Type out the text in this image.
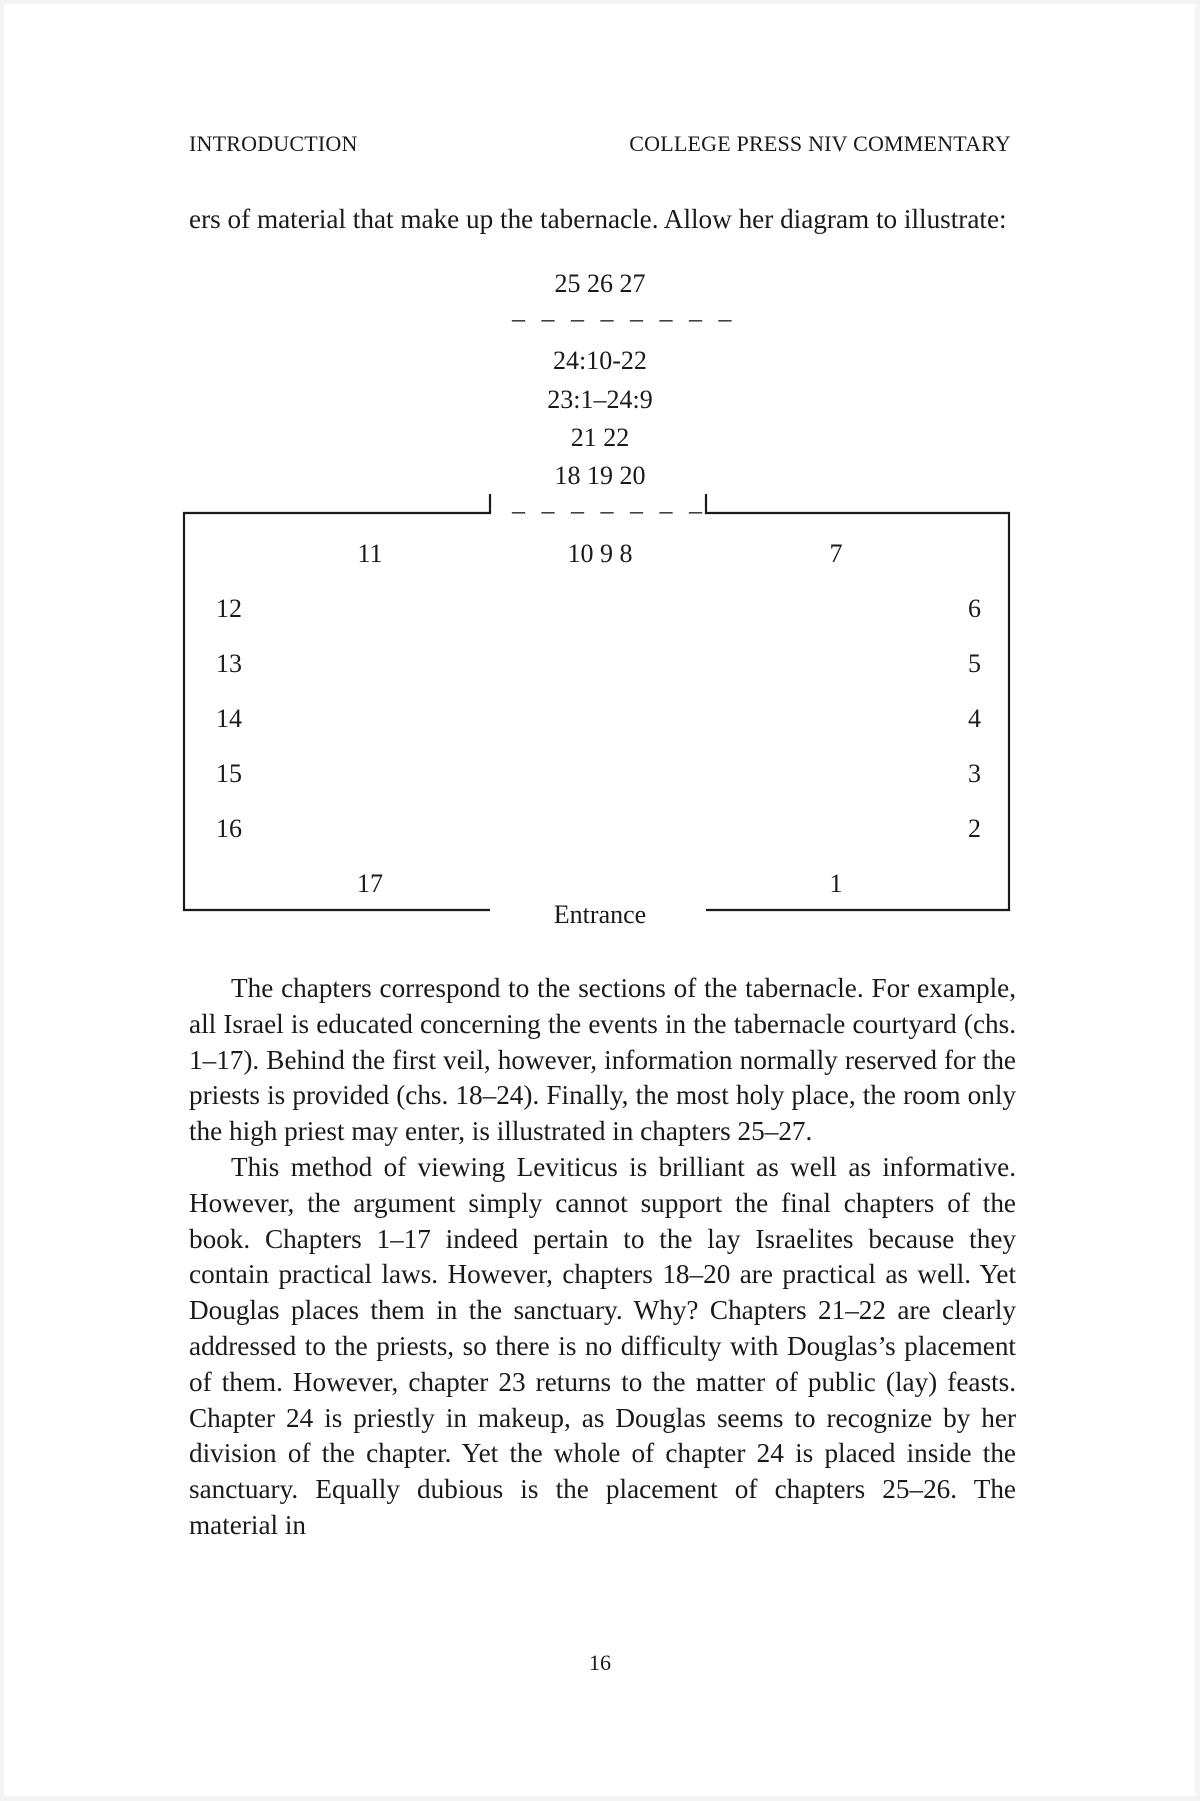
INTRODUCTION	COLLEGE PRESS NIV COMMENTARY

ers of material that make up the tabernacle. Allow her diagram to illustrate:

25 26 27
– – – – – – – –
24:10-22
23:1–24:9
21 22
18 19 20
– – – – – – – –
11	10 9 8	7
12
13
14
15
16
6
5
4
3
2
17	1
Entrance

The chapters correspond to the sections of the tabernacle. For example, all Israel is educated concerning the events in the tabernacle courtyard (chs. 1–17). Behind the first veil, however, information normally reserved for the priests is provided (chs. 18–24). Finally, the most holy place, the room only the high priest may enter, is illustrated in chapters 25–27.

This method of viewing Leviticus is brilliant as well as informative. However, the argument simply cannot support the final chapters of the book. Chapters 1–17 indeed pertain to the lay Israelites because they contain practical laws. However, chapters 18–20 are practical as well. Yet Douglas places them in the sanctuary. Why? Chapters 21–22 are clearly addressed to the priests, so there is no difficulty with Douglas’s placement of them. However, chapter 23 returns to the matter of public (lay) feasts. Chapter 24 is priestly in makeup, as Douglas seems to recognize by her division of the chapter. Yet the whole of chapter 24 is placed inside the sanctuary. Equally dubious is the placement of chapters 25–26. The material in

16
